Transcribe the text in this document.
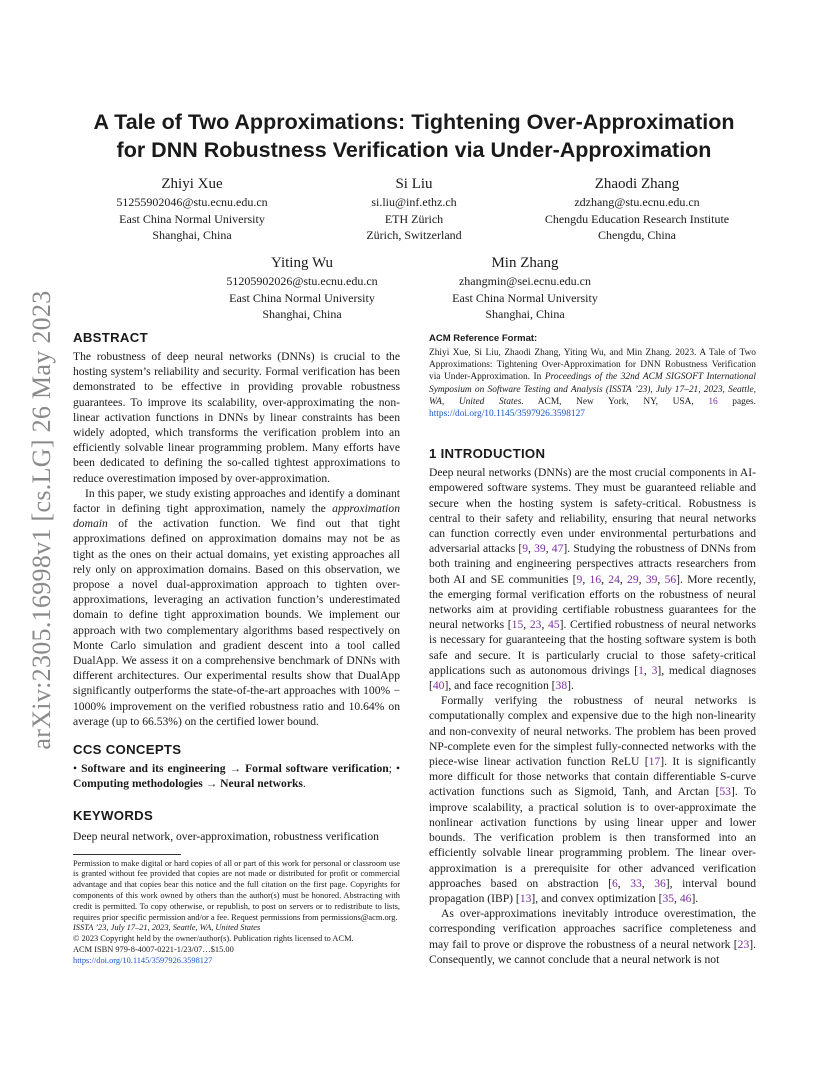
arXiv:2305.16998v1 [cs.LG] 26 May 2023
A Tale of Two Approximations: Tightening Over-Approximation
for DNN Robustness Verification via Under-Approximation
Zhiyi Xue
51255902046@stu.ecnu.edu.cn
East China Normal University
Shanghai, China
Si Liu
si.liu@inf.ethz.ch
ETH Zürich
Zürich, Switzerland
Zhaodi Zhang
zdzhang@stu.ecnu.edu.cn
Chengdu Education Research Institute
Chengdu, China
Yiting Wu
51205902026@stu.ecnu.edu.cn
East China Normal University
Shanghai, China
Min Zhang
zhangmin@sei.ecnu.edu.cn
East China Normal University
Shanghai, China
ABSTRACT

The robustness of deep neural networks (DNNs) is crucial to the hosting system’s reliability and security. Formal verification has been demonstrated to be effective in providing provable robustness guarantees. To improve its scalability, over-approximating the non-linear activation functions in DNNs by linear constraints has been widely adopted, which transforms the verification problem into an efficiently solvable linear programming problem. Many efforts have been dedicated to defining the so-called tightest approximations to reduce overestimation imposed by over-approximation.

In this paper, we study existing approaches and identify a dominant factor in defining tight approximation, namely the approximation domain of the activation function. We find out that tight approximations defined on approximation domains may not be as tight as the ones on their actual domains, yet existing approaches all rely only on approximation domains. Based on this observation, we propose a novel dual-approximation approach to tighten over-approximations, leveraging an activation function’s underestimated domain to define tight approximation bounds. We implement our approach with two complementary algorithms based respectively on Monte Carlo simulation and gradient descent into a tool called DualApp. We assess it on a comprehensive benchmark of DNNs with different architectures. Our experimental results show that DualApp significantly outperforms the state-of-the-art approaches with 100% − 1000% improvement on the verified robustness ratio and 10.64% on average (up to 66.53%) on the certified lower bound.

CCS CONCEPTS

• Software and its engineering → Formal software verification; • Computing methodologies → Neural networks.

KEYWORDS

Deep neural network, over-approximation, robustness verification

Permission to make digital or hard copies of all or part of this work for personal or classroom use is granted without fee provided that copies are not made or distributed for profit or commercial advantage and that copies bear this notice and the full citation on the first page. Copyrights for components of this work owned by others than the author(s) must be honored. Abstracting with credit is permitted. To copy otherwise, or republish, to post on servers or to redistribute to lists, requires prior specific permission and/or a fee. Request permissions from permissions@acm.org.

ISSTA ’23, July 17–21, 2023, Seattle, WA, United States

© 2023 Copyright held by the owner/author(s). Publication rights licensed to ACM.

ACM ISBN 979-8-4007-0221-1/23/07…$15.00

https://doi.org/10.1145/3597926.3598127

ACM Reference Format:

Zhiyi Xue, Si Liu, Zhaodi Zhang, Yiting Wu, and Min Zhang. 2023. A Tale of Two Approximations: Tightening Over-Approximation for DNN Robustness Verification via Under-Approximation. In Proceedings of the 32nd ACM SIGSOFT International Symposium on Software Testing and Analysis (ISSTA ’23), July 17–21, 2023, Seattle, WA, United States. ACM, New York, NY, USA, 16 pages. https://doi.org/10.1145/3597926.3598127

1 INTRODUCTION

Deep neural networks (DNNs) are the most crucial components in AI-empowered software systems. They must be guaranteed reliable and secure when the hosting system is safety-critical. Robustness is central to their safety and reliability, ensuring that neural networks can function correctly even under environmental perturbations and adversarial attacks [9, 39, 47]. Studying the robustness of DNNs from both training and engineering perspectives attracts researchers from both AI and SE communities [9, 16, 24, 29, 39, 56]. More recently, the emerging formal verification efforts on the robustness of neural networks aim at providing certifiable robustness guarantees for the neural networks [15, 23, 45]. Certified robustness of neural networks is necessary for guaranteeing that the hosting software system is both safe and secure. It is particularly crucial to those safety-critical applications such as autonomous drivings [1, 3], medical diagnoses [40], and face recognition [38].

Formally verifying the robustness of neural networks is computationally complex and expensive due to the high non-linearity and non-convexity of neural networks. The problem has been proved NP-complete even for the simplest fully-connected networks with the piece-wise linear activation function ReLU [17]. It is significantly more difficult for those networks that contain differentiable S-curve activation functions such as Sigmoid, Tanh, and Arctan [53]. To improve scalability, a practical solution is to over-approximate the nonlinear activation functions by using linear upper and lower bounds. The verification problem is then transformed into an efficiently solvable linear programming problem. The linear over-approximation is a prerequisite for other advanced verification approaches based on abstraction [6, 33, 36], interval bound propagation (IBP) [13], and convex optimization [35, 46].

As over-approximations inevitably introduce overestimation, the corresponding verification approaches sacrifice completeness and may fail to prove or disprove the robustness of a neural network [23]. Consequently, we cannot conclude that a neural network is not
